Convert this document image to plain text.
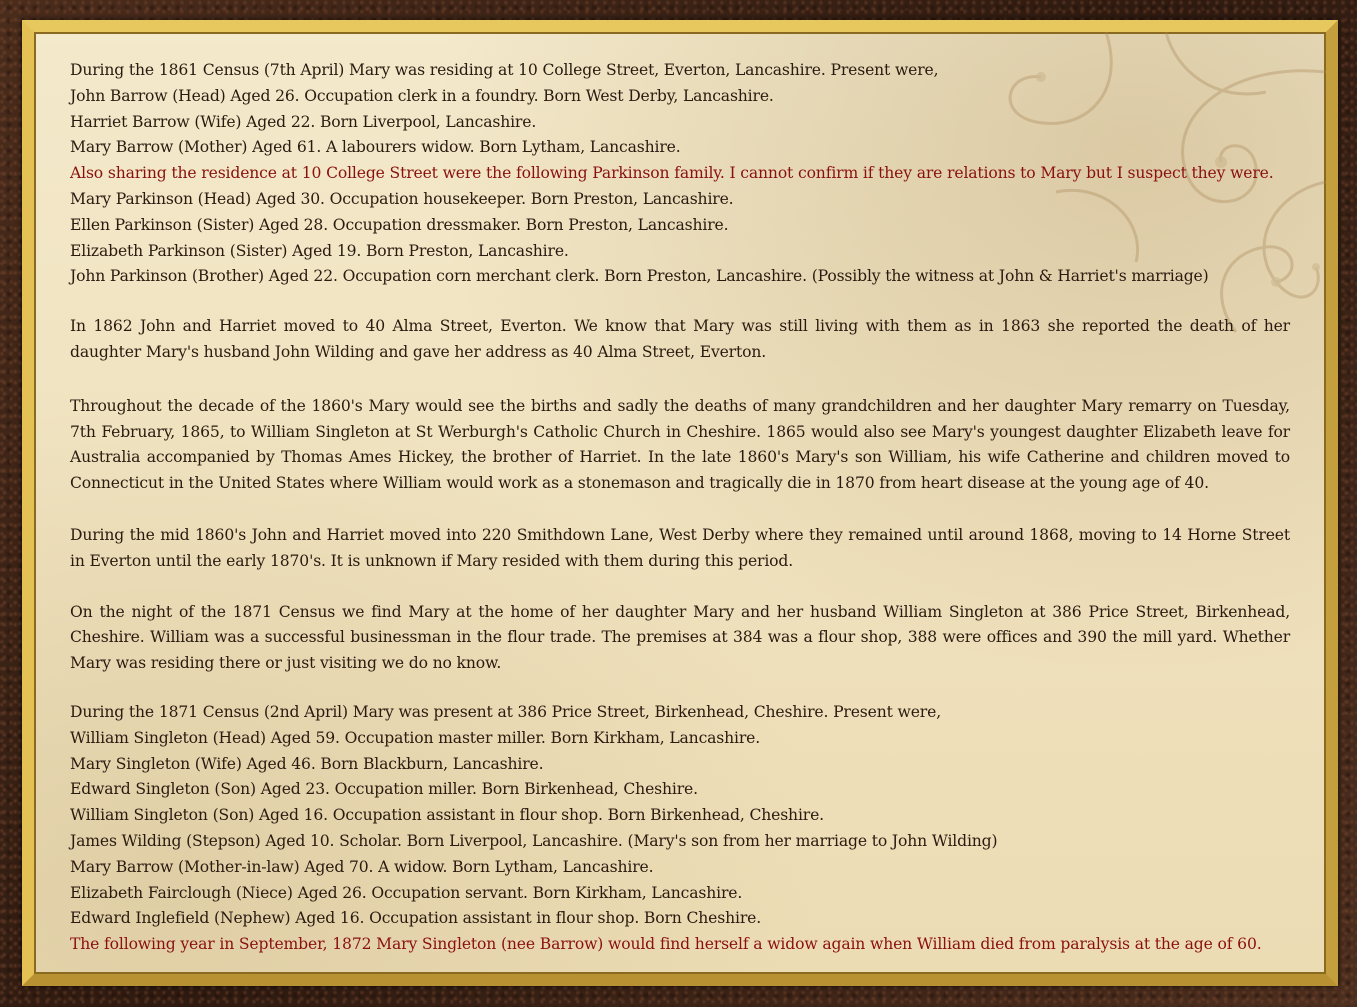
During the 1861 Census (7th April) Mary was residing at 10 College Street, Everton, Lancashire. Present were,
John Barrow (Head) Aged 26. Occupation clerk in a foundry. Born West Derby, Lancashire.
Harriet Barrow (Wife) Aged 22. Born Liverpool, Lancashire.
Mary Barrow (Mother) Aged 61. A labourers widow. Born Lytham, Lancashire.
Also sharing the residence at 10 College Street were the following Parkinson family. I cannot confirm if they are relations to Mary but I suspect they were.
Mary Parkinson (Head) Aged 30. Occupation housekeeper. Born Preston, Lancashire.
Ellen Parkinson (Sister) Aged 28. Occupation dressmaker. Born Preston, Lancashire.
Elizabeth Parkinson (Sister) Aged 19. Born Preston, Lancashire.
John Parkinson (Brother) Aged 22. Occupation corn merchant clerk. Born Preston, Lancashire. (Possibly the witness at John & Harriet's marriage)

In 1862 John and Harriet moved to 40 Alma Street, Everton. We know that Mary was still living with them as in 1863 she reported the death of her daughter Mary's husband John Wilding and gave her address as 40 Alma Street, Everton.

Throughout the decade of the 1860's Mary would see the births and sadly the deaths of many grandchildren and her daughter Mary remarry on Tuesday, 7th February, 1865, to William Singleton at St Werburgh's Catholic Church in Cheshire. 1865 would also see Mary's youngest daughter Elizabeth leave for Australia accompanied by Thomas Ames Hickey, the brother of Harriet. In the late 1860's Mary's son William, his wife Catherine and children moved to Connecticut in the United States where William would work as a stonemason and tragically die in 1870 from heart disease at the young age of 40.

During the mid 1860's John and Harriet moved into 220 Smithdown Lane, West Derby where they remained until around 1868, moving to 14 Horne Street in Everton until the early 1870's. It is unknown if Mary resided with them during this period.

On the night of the 1871 Census we find Mary at the home of her daughter Mary and her husband William Singleton at 386 Price Street, Birkenhead, Cheshire. William was a successful businessman in the flour trade. The premises at 384 was a flour shop, 388 were offices and 390 the mill yard. Whether Mary was residing there or just visiting we do no know.

During the 1871 Census (2nd April) Mary was present at 386 Price Street, Birkenhead, Cheshire. Present were,
William Singleton (Head) Aged 59. Occupation master miller. Born Kirkham, Lancashire.
Mary Singleton (Wife) Aged 46. Born Blackburn, Lancashire.
Edward Singleton (Son) Aged 23. Occupation miller. Born Birkenhead, Cheshire.
William Singleton (Son) Aged 16. Occupation assistant in flour shop. Born Birkenhead, Cheshire.
James Wilding (Stepson) Aged 10. Scholar. Born Liverpool, Lancashire. (Mary's son from her marriage to John Wilding)
Mary Barrow (Mother-in-law) Aged 70. A widow. Born Lytham, Lancashire.
Elizabeth Fairclough (Niece) Aged 26. Occupation servant. Born Kirkham, Lancashire.
Edward Inglefield (Nephew) Aged 16. Occupation assistant in flour shop. Born Cheshire.
The following year in September, 1872 Mary Singleton (nee Barrow) would find herself a widow again when William died from paralysis at the age of 60.
